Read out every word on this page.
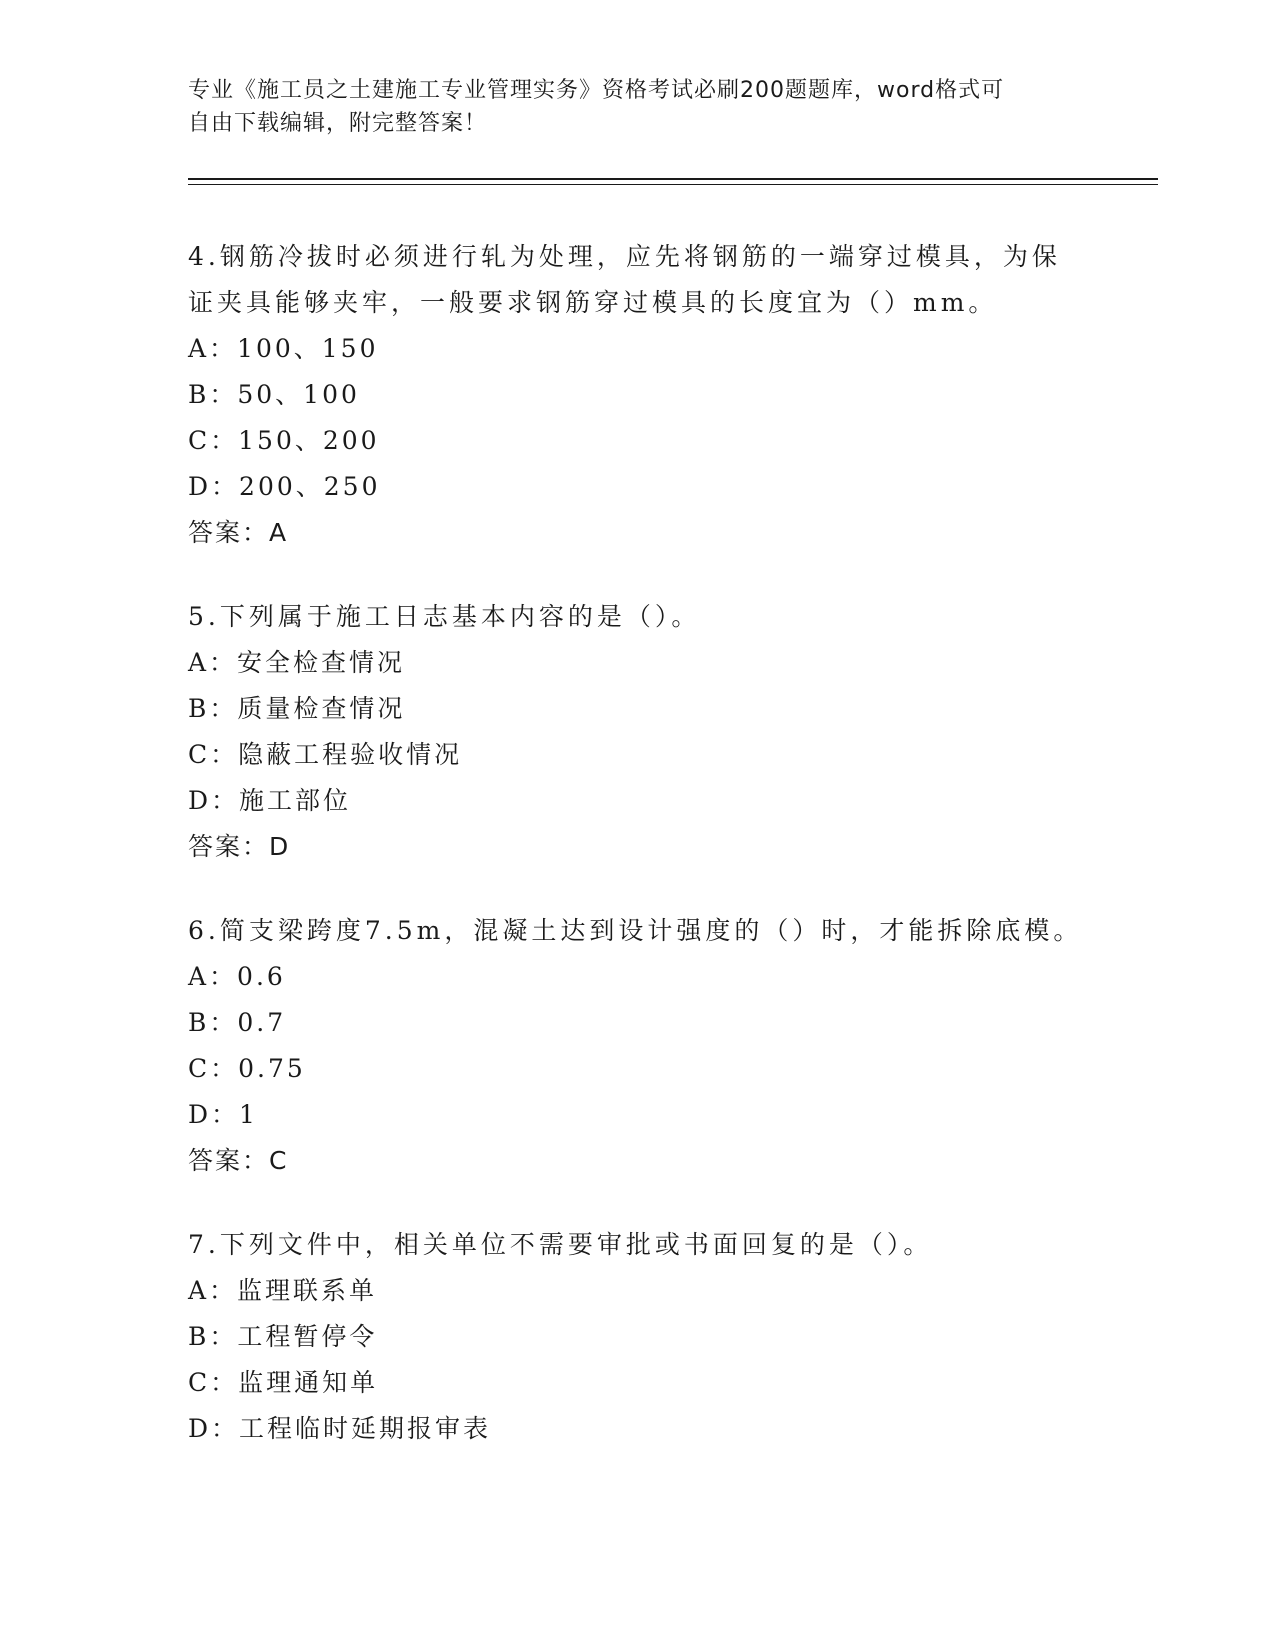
专业《施工员之土建施工专业管理实务》资格考试必刷200题题库，word格式可
自由下载编辑，附完整答案！

4.钢筋冷拔时必须进行轧为处理，应先将钢筋的一端穿过模具，为保
证夹具能够夹牢，一般要求钢筋穿过模具的长度宜为（）mm。

A：100、150

B：50、100

C：150、200

D：200、250

答案：A

5.下列属于施工日志基本内容的是（）。

A：安全检查情况

B：质量检查情况

C：隐蔽工程验收情况

D：施工部位

答案：D

6.简支梁跨度7.5m，混凝土达到设计强度的（）时，才能拆除底模。

A：0.6

B：0.7

C：0.75

D：1

答案：C

7.下列文件中，相关单位不需要审批或书面回复的是（）。

A：监理联系单

B：工程暂停令

C：监理通知单

D：工程临时延期报审表
